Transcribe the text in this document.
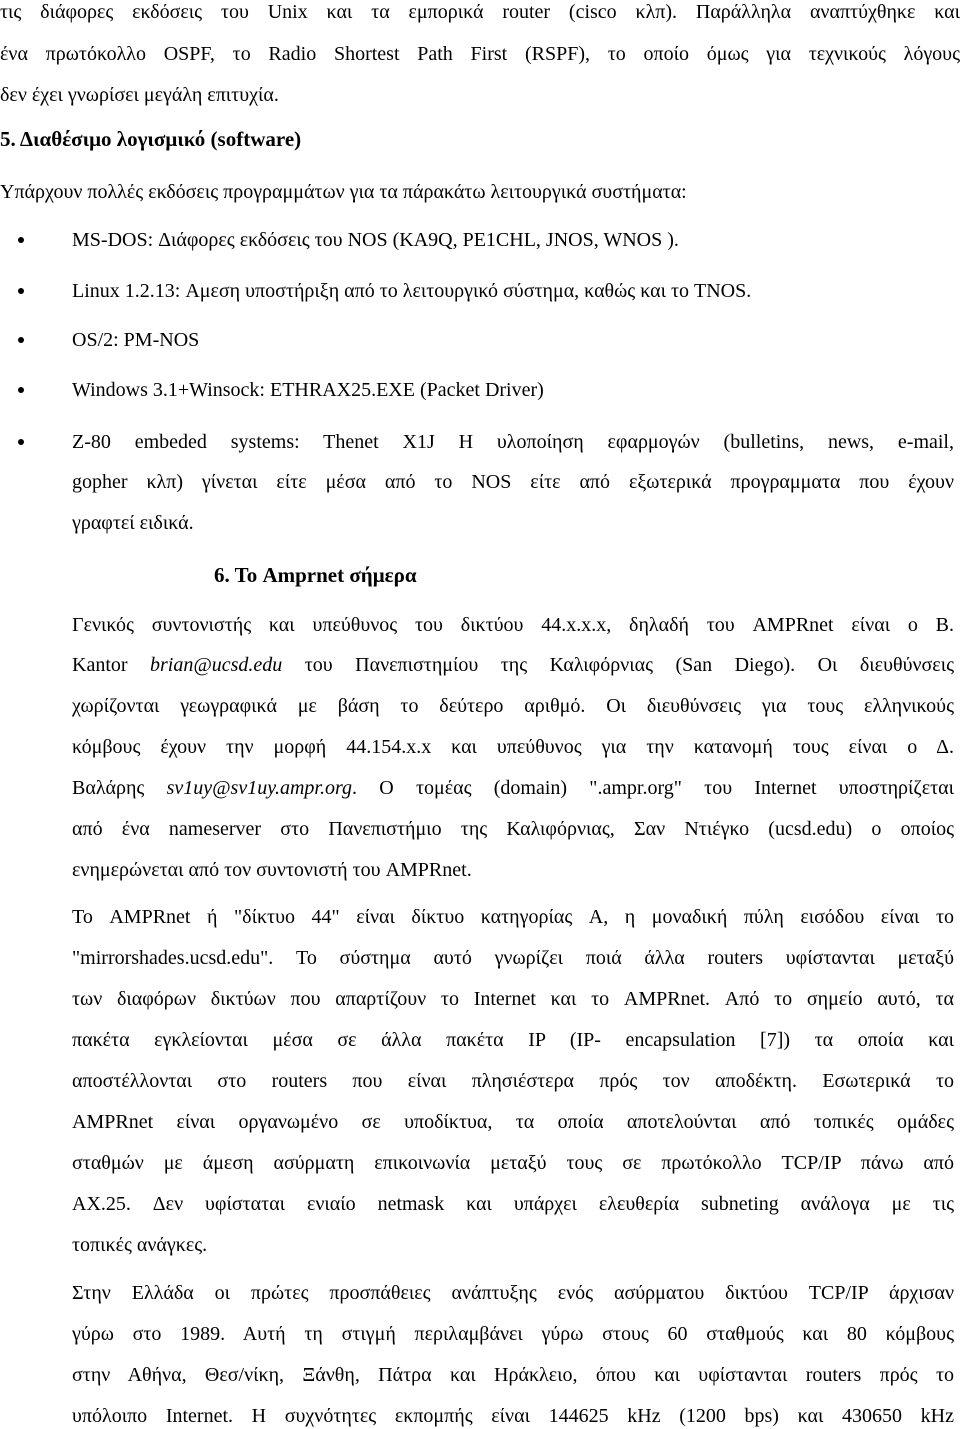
τις διάφορες εκδόσεις του Unix και τα εμπορικά router (cisco κλπ). Παράλληλα αναπτύχθηκε και
ένα πρωτόκολλο OSPF, το Radio Shortest Path First (RSPF), το οποίο όμως για τεχνικούς λόγους
δεν έχει γνωρίσει μεγάλη επιτυχία.
5. Διαθέσιμο λογισμικό (software)
Υπάρχουν πολλές εκδόσεις προγραμμάτων για τα πάρακάτω λειτουργικά συστήματα:
MS-DOS: Διάφορες εκδόσεις του NOS (KA9Q, PE1CHL, JNOS, WNOS ).
Linux 1.2.13: Αμεση υποστήριξη από το λειτουργικό σύστημα, καθώς και το TNOS.
OS/2: PM-NOS
Windows 3.1+Winsock: ETHRAX25.EXE (Packet Driver)
Z-80 embeded systems: Thenet X1J Η υλοποίηση εφαρμογών (bulletins, news, e-mail,
gopher κλπ) γίνεται είτε μέσα από το NOS είτε από εξωτερικά προγραμματα που έχουν
γραφτεί ειδικά.
6. Το Amprnet σήμερα
Γενικός συντονιστής και υπεύθυνος του δικτύου 44.x.x.x, δηλαδή του AMPRnet είναι ο B.
Kantor brian@ucsd.edu του Πανεπιστημίου της Καλιφόρνιας (San Diego). Οι διευθύνσεις
χωρίζονται γεωγραφικά με βάση το δεύτερο αριθμό. Οι διευθύνσεις για τους ελληνικούς
κόμβους έχουν την μορφή 44.154.x.x και υπεύθυνος για την κατανομή τους είναι ο Δ.
Βαλάρης sv1uy@sv1uy.ampr.org. Ο τομέας (domain) ".ampr.org" του Internet υποστηρίζεται
από ένα nameserver στο Πανεπιστήμιο της Καλιφόρνιας, Σαν Ντιέγκο (ucsd.edu) ο οποίος
ενημερώνεται από τον συντονιστή του AMPRnet.
Το AMPRnet ή "δίκτυο 44" είναι δίκτυο κατηγορίας A, η μοναδική πύλη εισόδου είναι το
"mirrorshades.ucsd.edu". Το σύστημα αυτό γνωρίζει ποιά άλλα routers υφίστανται μεταξύ
των διαφόρων δικτύων που απαρτίζουν το Internet και το AMPRnet. Από το σημείο αυτό, τα
πακέτα εγκλείονται μέσα σε άλλα πακέτα IP (IP- encapsulation [7]) τα οποία και
αποστέλλονται στο routers που είναι πλησιέστερα πρός τον αποδέκτη. Εσωτερικά το
AMPRnet είναι οργανωμένο σε υποδίκτυα, τα οποία αποτελούνται από τοπικές ομάδες
σταθμών με άμεση ασύρματη επικοινωνία μεταξύ τους σε πρωτόκολλο TCP/IP πάνω από
AX.25. Δεν υφίσταται ενιαίο netmask και υπάρχει ελευθερία subneting ανάλογα με τις
τοπικές ανάγκες.
Στην Ελλάδα οι πρώτες προσπάθειες ανάπτυξης ενός ασύρματου δικτύου TCP/IP άρχισαν
γύρω στο 1989. Αυτή τη στιγμή περιλαμβάνει γύρω στους 60 σταθμούς και 80 κόμβους
στην Αθήνα, Θεσ/νίκη, Ξάνθη, Πάτρα και Ηράκλειο, όπου και υφίστανται routers πρός το
υπόλοιπο Internet. Η συχνότητες εκπομπής είναι 144625 kHz (1200 bps) και 430650 kHz
